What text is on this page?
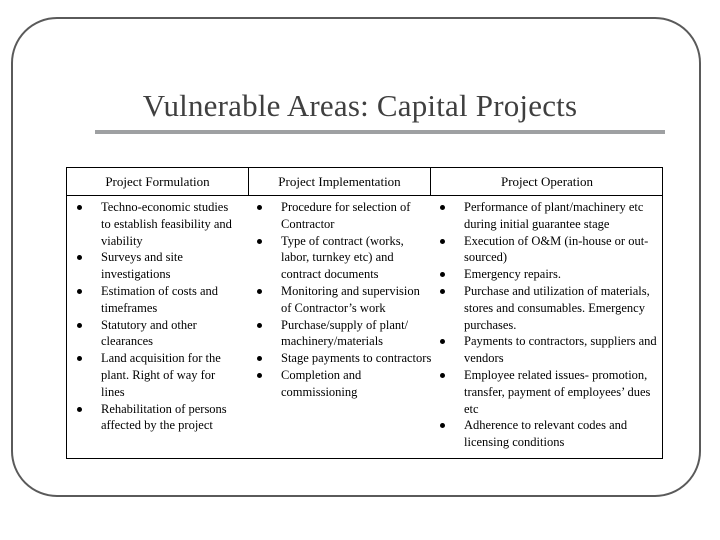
Vulnerable Areas: Capital Projects
Project Formulation	Project Implementation	Project Operation
Techno-economic studies to establish feasibility and viability
Surveys and site investigations
Estimation of costs and timeframes
Statutory and other clearances
Land acquisition for the plant. Right of way for lines
Rehabilitation of persons affected by the project
Procedure for selection of Contractor
Type of contract (works, labor, turnkey etc) and contract documents
Monitoring and supervision of Contractor’s work
Purchase/supply of plant/ machinery/materials
Stage payments to contractors
Completion and commissioning
Performance of plant/machinery etc during initial guarantee stage
Execution of O&M (in-house or out-sourced)
Emergency repairs.
Purchase and utilization of materials, stores and consumables. Emergency purchases.
Payments to contractors, suppliers and vendors
Employee related issues- promotion, transfer, payment of employees’ dues etc
Adherence to relevant codes and licensing conditions
